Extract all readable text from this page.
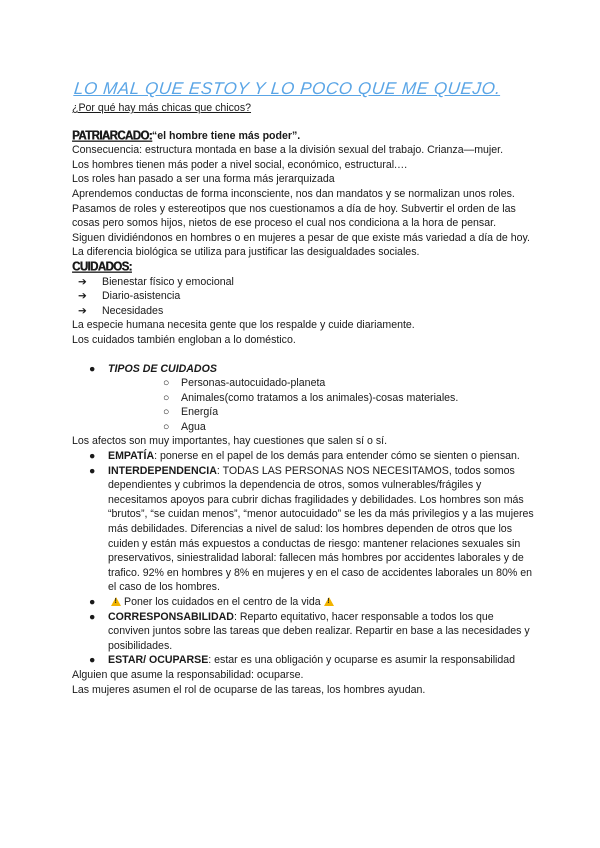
LO MAL QUE ESTOY Y LO POCO QUE ME QUEJO.
¿Por qué hay más chicas que chicos?
PATRIARCADO:“el hombre tiene más poder”.

Consecuencia: estructura montada en base a la división sexual del trabajo. Crianza—mujer.

Los hombres tienen más poder a nivel social, económico, estructural.…

Los roles han pasado a ser una forma más jerarquizada

Aprendemos conductas de forma inconsciente, nos dan mandatos y se normalizan unos roles. Pasamos de roles y estereotipos que nos cuestionamos a día de hoy. Subvertir el orden de las cosas pero somos hijos, nietos de ese proceso el cual nos condiciona a la hora de pensar.

Siguen dividiéndonos en hombres o en mujeres a pesar de que existe más variedad a día de hoy.

La diferencia biológica se utiliza para justificar las desigualdades sociales.

CUIDADOS:
➔ Bienestar físico y emocional
➔ Diario-asistencia
➔ Necesidades

La especie humana necesita gente que los respalde y cuide diariamente.

Los cuidados también engloban a lo doméstico.

● TIPOS DE CUIDADOS
○ Personas-autocuidado-planeta
○ Animales(como tratamos a los animales)-cosas materiales.
○ Energía
○ Agua

Los afectos son muy importantes, hay cuestiones que salen sí o sí.

● EMPATÍA: ponerse en el papel de los demás para entender cómo se sienten o piensan.
● INTERDEPENDENCIA: TODAS LAS PERSONAS NOS NECESITAMOS, todos somos dependientes y cubrimos la dependencia de otros, somos vulnerables/frágiles y necesitamos apoyos para cubrir dichas fragilidades y debilidades. Los hombres son más “brutos”, “se cuidan menos”, “menor autocuidado” se les da más privilegios y a las mujeres más debilidades. Diferencias a nivel de salud: los hombres dependen de otros que los cuiden y están más expuestos a conductas de riesgo: mantener relaciones sexuales sin preservativos, siniestralidad laboral: fallecen más hombres por accidentes laborales y de trafico. 92% en hombres y 8% en mujeres y en el caso de accidentes laborales un 80% en el caso de los hombres.
●
!	Poner los cuidados en el centro de la vida!
● CORRESPONSABILIDAD: Reparto equitativo, hacer responsable a todos los que conviven juntos sobre las tareas que deben realizar. Repartir en base a las necesidades y posibilidades.
● ESTAR/ OCUPARSE: estar es una obligación y ocuparse es asumir la responsabilidad

Alguien que asume la responsabilidad: ocuparse.

Las mujeres asumen el rol de ocuparse de las tareas, los hombres ayudan.
